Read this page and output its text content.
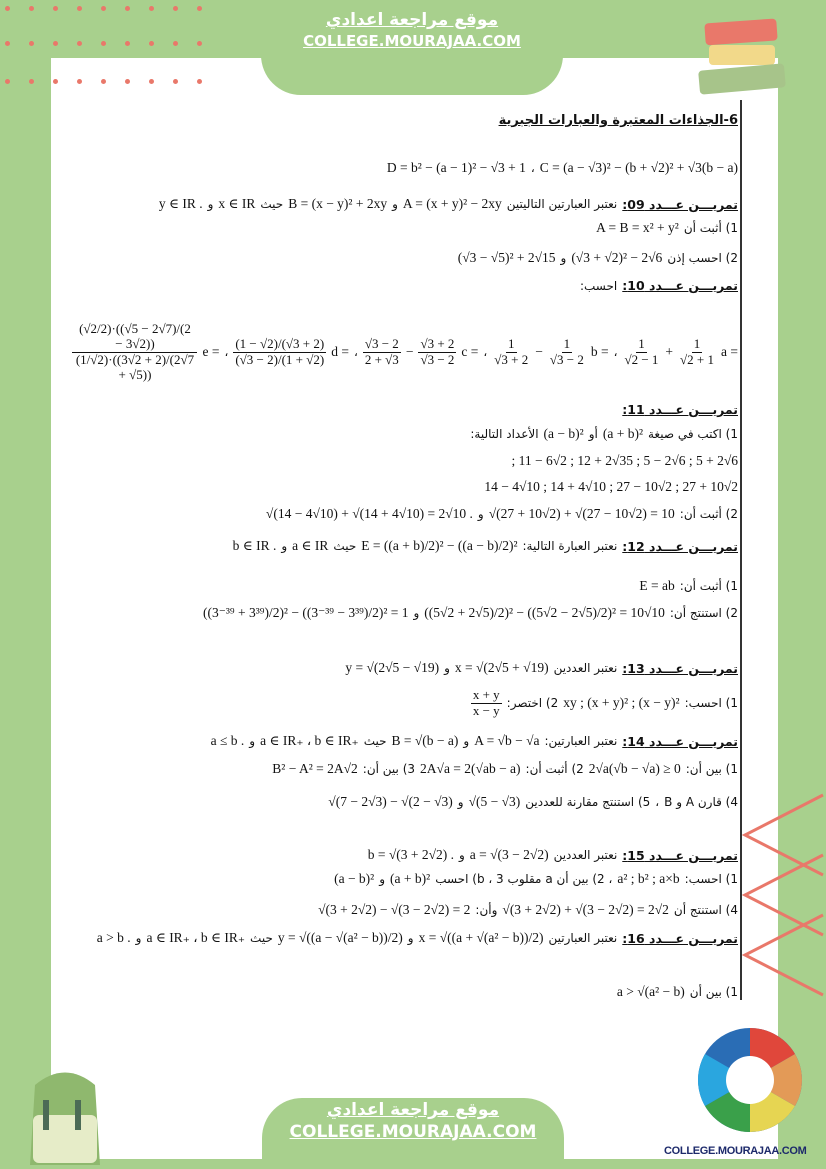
موقع مراجعة اعدادي
COLLEGE.MOURAJAA.COM
موقع مراجعة اعدادي
COLLEGE.MOURAJAA.COM
COLLEGE.MOURAJAA.COM
6-الجذاءات المعتبرة والعبارات الجبرية
C = (a − √3)² − (b + √2)² + √3(b − a)
،
D = b² − (a − 1)² − √3 + 1
تمريـــن عـــدد 09:
نعتبر العبارتين التاليتين
A = (x + y)² − 2xy
و
B = (x − y)² + 2xy
حيث
x ∈ IR
و
y ∈ IR .
1) أثبت أن
A = B = x² + y²
2) احسب إذن
(√3 + √2)² − 2√6
و
(√3 − √5)² + 2√15
تمريـــن عـــدد 10:
احسب:
a =
$\frac{1}{√2 + 1}$
+
$\frac{1}{√2 - 1}$
،
b =
$\frac{1}{√3 - 2}$
−
$\frac{1}{√3 + 2}$
،
c =
$\frac{√3 + 2}{√3 - 2}$
−
$\frac{√3 - 2}{2 + √3}$
،
d =
$\frac{(1 - √2)/(√3 + 2)}{(√3 - 2)/(1 + √2)}$
،
e =
$\frac{(√2/2)\cdot((√5 - 2√7)/(2 - 3√2))}{(1/√2)\cdot((3√2 + 2)/(2√7 + √5))}$
تمريـــن عـــدد 11:
1) اكتب في صيغة
(a + b)²
أو
(a − b)²
الأعداد التالية:
; 11 − 6√2 ; 12 + 2√35 ; 5 − 2√6 ; 5 + 2√6
14 − 4√10 ; 14 + 4√10 ; 27 − 10√2 ; 27 + 10√2
2) أثبت أن:
√(27 + 10√2) + √(27 − 10√2) = 10
و
√(14 − 4√10) + √(14 + 4√10) = 2√10 .
تمريـــن عـــدد 12:
نعتبر العبارة التالية:
E = ((a + b)/2)² − ((a − b)/2)²
حيث
a ∈ IR
و
b ∈ IR .
1) أثبت أن:
E = ab
2) استنتج أن:
((5√2 + 2√5)/2)² − ((5√2 − 2√5)/2)² = 10√10
و
((3⁻³⁹ + 3³⁹)/2)² − ((3⁻³⁹ − 3³⁹)/2)² = 1
تمريـــن عـــدد 13:
نعتبر العددين
x = √(2√5 + √19)
و
y = √(2√5 − √19)
1) احسب:
xy ; (x + y)² ; (x − y)²
2) اختصر:
$\frac{x + y}{x - y}$
تمريـــن عـــدد 14:
نعتبر العبارتين:
A = √b − √a
و
B = √(b − a)
حيث
a ∈ IR₊ ، b ∈ IR₊
و
a ≤ b .
1) بين أن:
2√a(√b − √a) ≥ 0
2) أثبت أن:
2A√a = 2(√ab − a)
3) بين أن:
B² − A² = 2A√2
4) قارن A و B
،
5) استنتج مقارنة للعددين
√(5 − √3)
و
√(7 − 2√3) − √(2 − √3)
تمريـــن عـــدد 15:
نعتبر العددين
a = √(3 − 2√2)
و
b = √(3 + 2√2) .
1) احسب:
a² ; b² ; a×b
، 2) بين أن a مقلوب b ، 3) احسب
(a + b)²
و
(a − b)²
4) استنتج أن
√(3 + 2√2) + √(3 − 2√2) = 2√2
وأن:
√(3 + 2√2) − √(3 − 2√2) = 2
تمريـــن عـــدد 16:
نعتبر العبارتين
x = √((a + √(a² − b))/2)
و
y = √((a − √(a² − b))/2)
حيث
a ∈ IR₊ ، b ∈ IR₊
و
a > b .
1) بين أن
a > √(a² − b)
